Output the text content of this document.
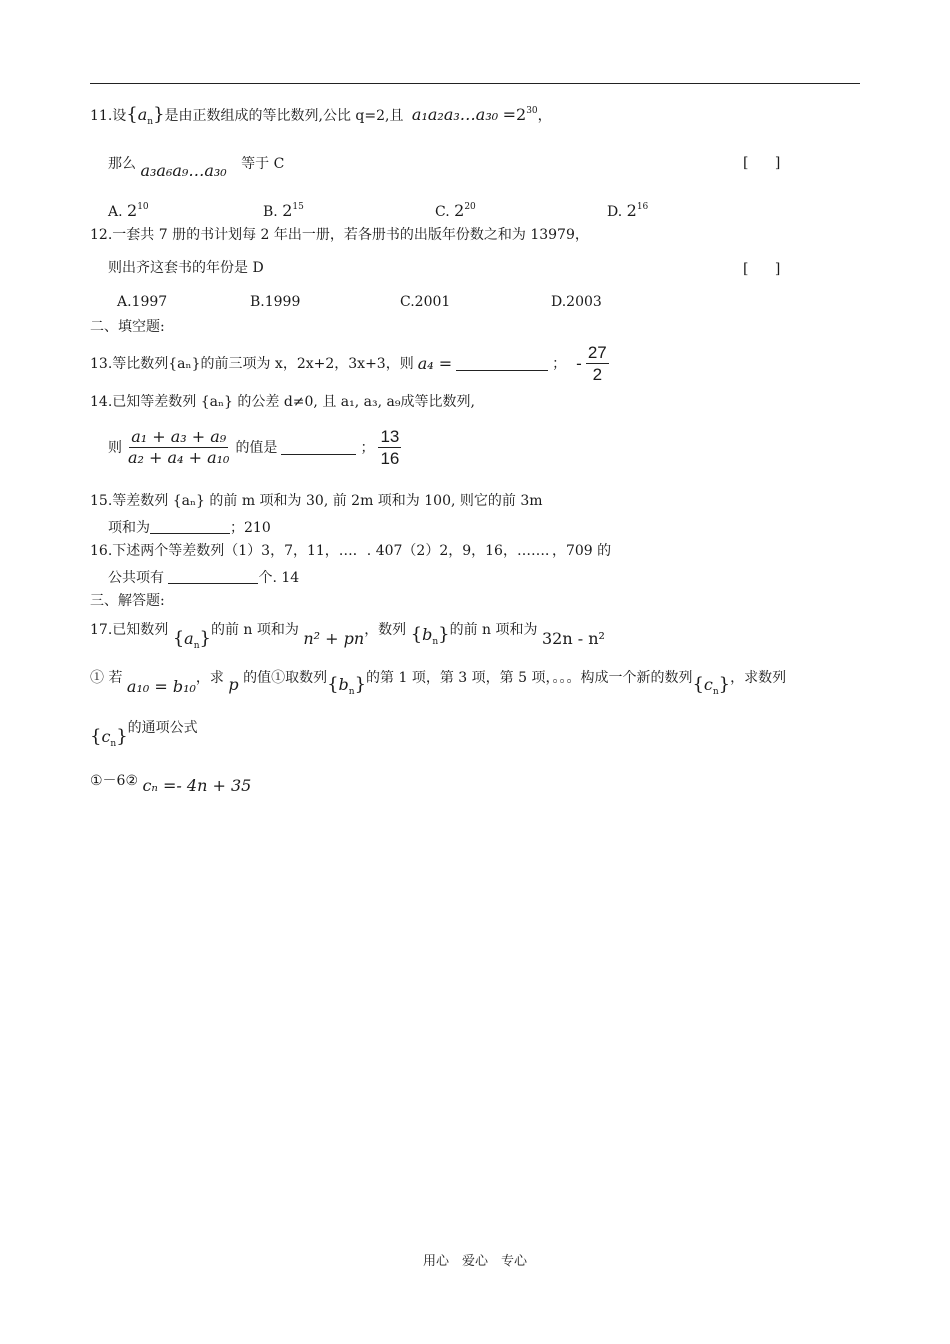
11.设$\{a_n\}$是由正数组成的等比数列,公比 q=2,且 a₁a₂a₃…a₃₀ $=2^{30}$，
那么 a₃a₆a₉…a₃₀ 等于 C	[ ]
A. $2^{10}$	B. $2^{15}$	C. $2^{20}$	D. $2^{16}$
12.一套共 7 册的书计划每 2 年出一册，若各册书的出版年份数之和为 13979，
则出齐这套书的年份是 D	[ ]
A.1997	B.1999	C.2001	D.2003
二、填空题:
13.等比数列{aₙ}的前三项为 x，2x+2，3x+3，则 a₄ =	； - $\frac{27}{2}$
14.已知等差数列 {aₙ} 的公差 d≠0, 且 a₁, a₃, a₉成等比数列,
则 $\frac{\text{a₁ + a₃ + a₉}}{\text{a₂ + a₄ + a₁₀}}$ 的值是	； $\frac{13}{16}$
15.等差数列 {aₙ} 的前 m 项和为 30, 前 2m 项和为 100, 则它的前 3m
项和为	；210
16.下述两个等差数列（1）3，7，11，…．. 407（2）2，9，16，……．，709 的
公共项有	个. 14
三、解答题:
17.已知数列 $\{a_n\}$的前 n 项和为 n² + pn，数列 $\{b_n\}$的前 n 项和为 32n - n²
① 若 a₁₀ = b₁₀，求 p 的值①取数列$\{b_n\}$的第 1 项，第 3 项，第 5 项，。。。构成一个新的数列$\{c_n\}$，求数列
$\{c_n\}$的通项公式
①－6② cₙ =- 4n + 35
用心　爱心　专心
